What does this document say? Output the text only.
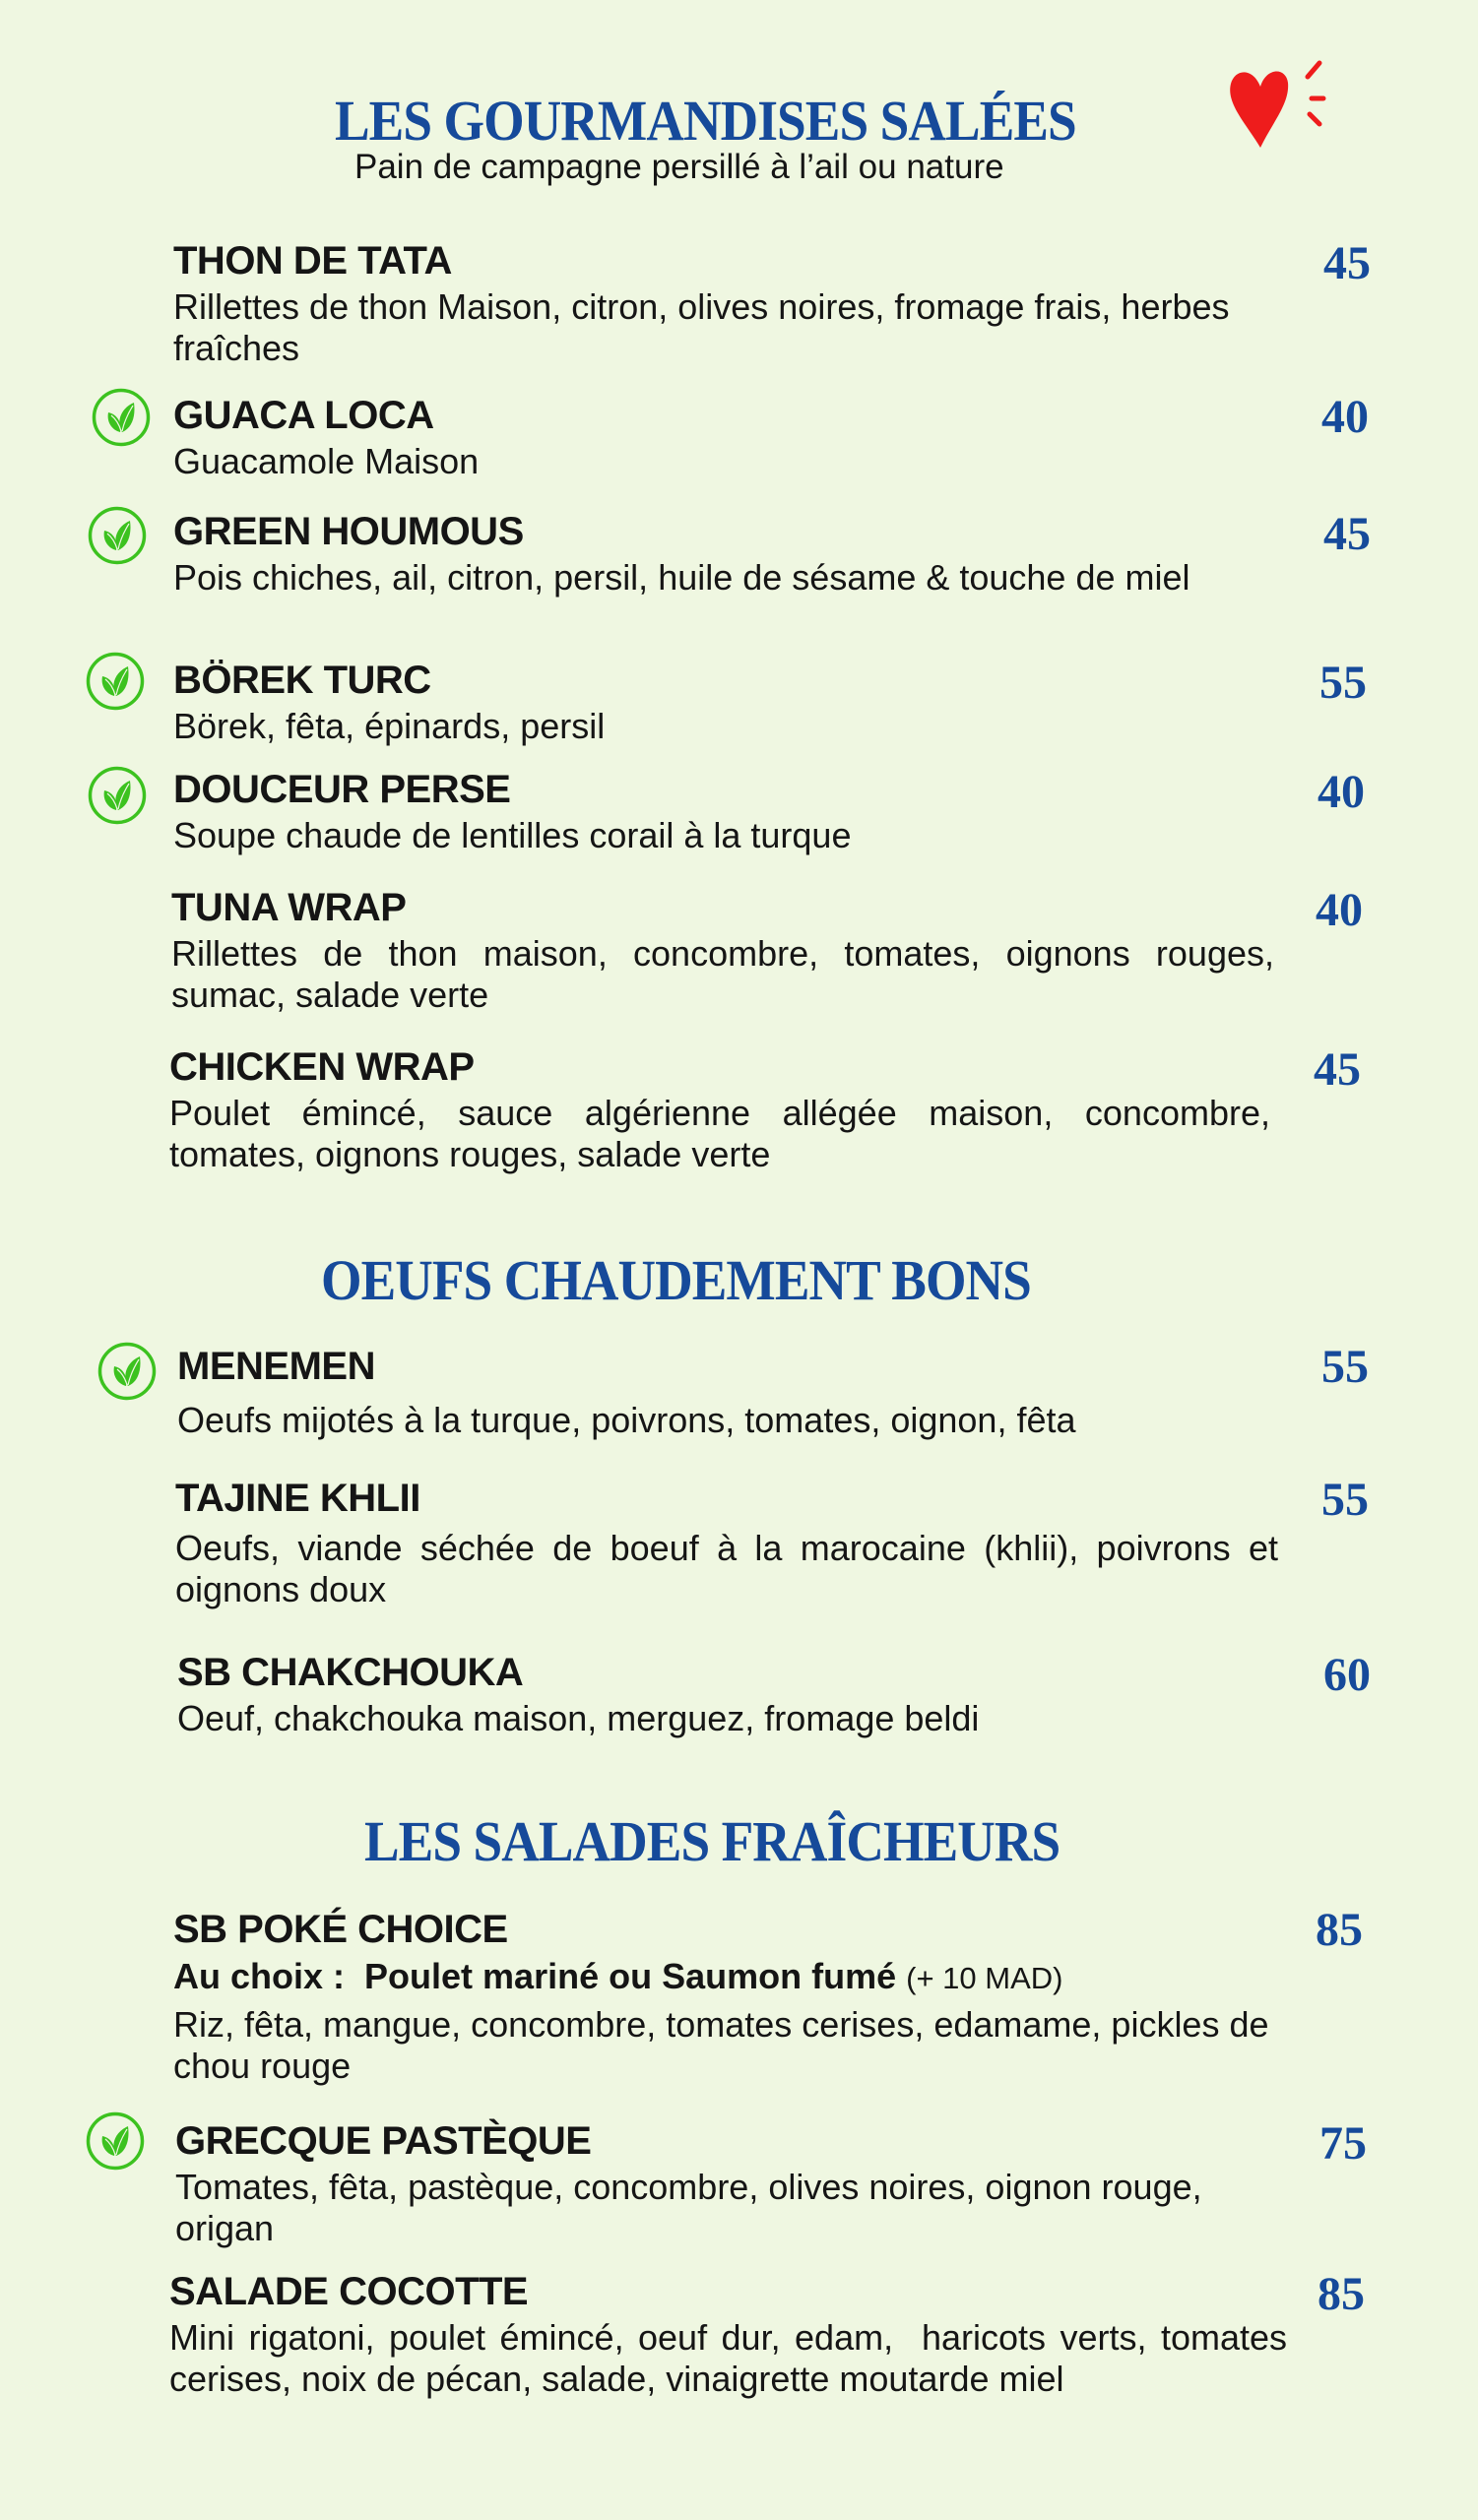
LES GOURMANDISES SALÉES
Pain de campagne persillé à l’ail ou nature
THON DE TATA
Rillettes de thon Maison, citron, olives noires, fromage frais, herbes fraîches
45
GUACA LOCA
Guacamole Maison
40
GREEN HOUMOUS
Pois chiches, ail, citron, persil, huile de sésame & touche de miel
45
BÖREK TURC
Börek, fêta, épinards, persil
55
DOUCEUR PERSE
Soupe chaude de lentilles corail à la turque
40
TUNA WRAP
Rillettes de thon maison, concombre, tomates, oignons rouges, sumac, salade verte
40
CHICKEN WRAP
Poulet émincé, sauce algérienne allégée maison, concombre, tomates, oignons rouges, salade verte
45
OEUFS CHAUDEMENT BONS
MENEMEN
Oeufs mijotés à la turque, poivrons, tomates, oignon, fêta
55
TAJINE KHLII
Oeufs, viande séchée de boeuf à la marocaine (khlii), poivrons et oignons doux
55
SB CHAKCHOUKA
Oeuf, chakchouka maison, merguez, fromage beldi
60
LES SALADES FRAÎCHEURS
SB POKÉ CHOICE
Au choix : Poulet mariné ou Saumon fumé (+ 10 MAD)
Riz, fêta, mangue, concombre, tomates cerises, edamame, pickles de chou rouge
85
GRECQUE PASTÈQUE
Tomates, fêta, pastèque, concombre, olives noires, oignon rouge, origan
75
SALADE COCOTTE
Mini rigatoni, poulet émincé, oeuf dur, edam,  haricots verts, tomates cerises, noix de pécan, salade, vinaigrette moutarde miel
85
